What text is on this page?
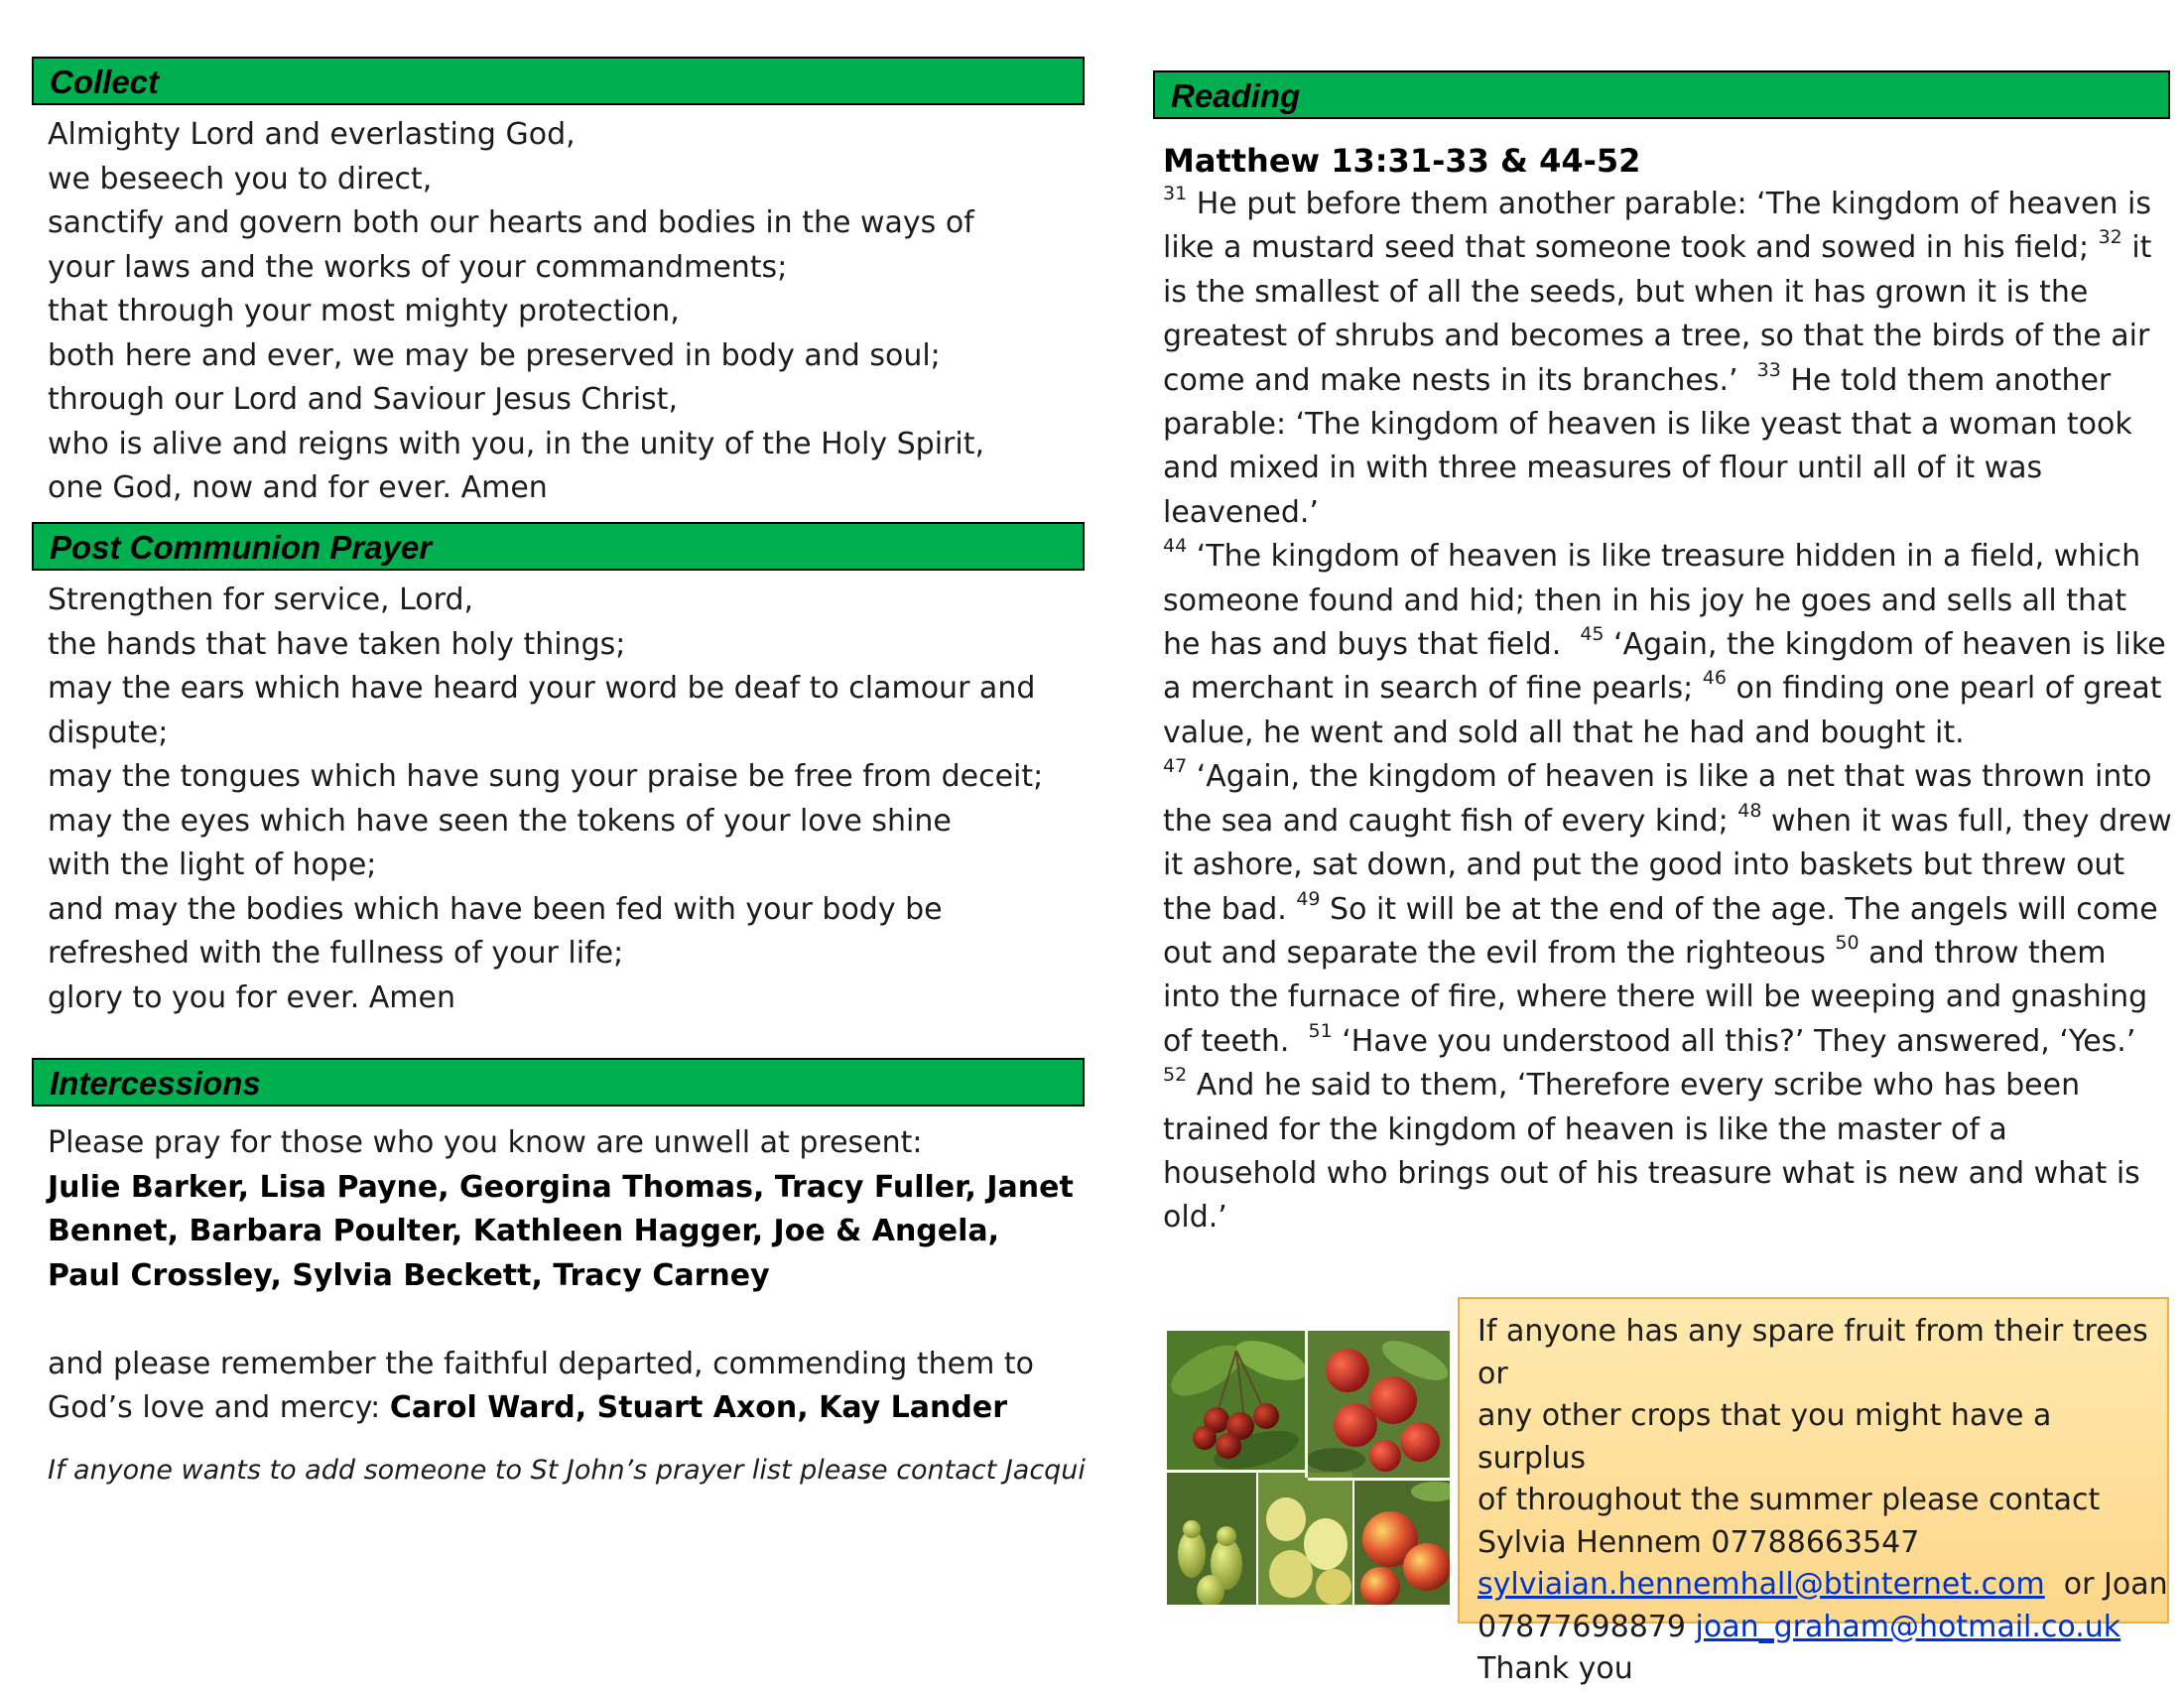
Collect
Almighty Lord and everlasting God,
we beseech you to direct,
sanctify and govern both our hearts and bodies in the ways of
your laws and the works of your commandments;
that through your most mighty protection,
both here and ever, we may be preserved in body and soul;
through our Lord and Saviour Jesus Christ,
who is alive and reigns with you, in the unity of the Holy Spirit,
one God, now and for ever. Amen
Post Communion Prayer
Strengthen for service, Lord,
the hands that have taken holy things;
may the ears which have heard your word be deaf to clamour and
dispute;
may the tongues which have sung your praise be free from deceit;
may the eyes which have seen the tokens of your love shine
with the light of hope;
and may the bodies which have been fed with your body be
refreshed with the fullness of your life;
glory to you for ever. Amen
Intercessions
Please pray for those who you know are unwell at present:
Julie Barker, Lisa Payne, Georgina Thomas, Tracy Fuller, Janet
Bennet, Barbara Poulter, Kathleen Hagger, Joe & Angela,
Paul Crossley, Sylvia Beckett, Tracy Carney
and please remember the faithful departed, commending them to
God’s love and mercy: Carol Ward, Stuart Axon, Kay Lander
If anyone wants to add someone to St John’s prayer list please contact Jacqui
Reading
Matthew 13:31-33 & 44-52
$^{31}$ He put before them another parable: ‘The kingdom of heaven is
like a mustard seed that someone took and sowed in his field; $^{32}$ it
is the smallest of all the seeds, but when it has grown it is the
greatest of shrubs and becomes a tree, so that the birds of the air
come and make nests in its branches.’  $^{33}$ He told them another
parable: ‘The kingdom of heaven is like yeast that a woman took
and mixed in with three measures of flour until all of it was
leavened.’
$^{44}$ ‘The kingdom of heaven is like treasure hidden in a field, which
someone found and hid; then in his joy he goes and sells all that
he has and buys that field.  $^{45}$ ‘Again, the kingdom of heaven is like
a merchant in search of fine pearls; $^{46}$ on finding one pearl of great
value, he went and sold all that he had and bought it.
$^{47}$ ‘Again, the kingdom of heaven is like a net that was thrown into
the sea and caught fish of every kind; $^{48}$ when it was full, they drew
it ashore, sat down, and put the good into baskets but threw out
the bad. $^{49}$ So it will be at the end of the age. The angels will come
out and separate the evil from the righteous $^{50}$ and throw them
into the furnace of fire, where there will be weeping and gnashing
of teeth.  $^{51}$ ‘Have you understood all this?’ They answered, ‘Yes.’
$^{52}$ And he said to them, ‘Therefore every scribe who has been
trained for the kingdom of heaven is like the master of a
household who brings out of his treasure what is new and what is
old.’
If anyone has any spare fruit from their trees or
any other crops that you might have a surplus
of throughout the summer please contact
Sylvia Hennem 07788663547
sylviaian.hennemhall@btinternet.com  or Joan
07877698879 joan_graham@hotmail.co.uk
Thank you
